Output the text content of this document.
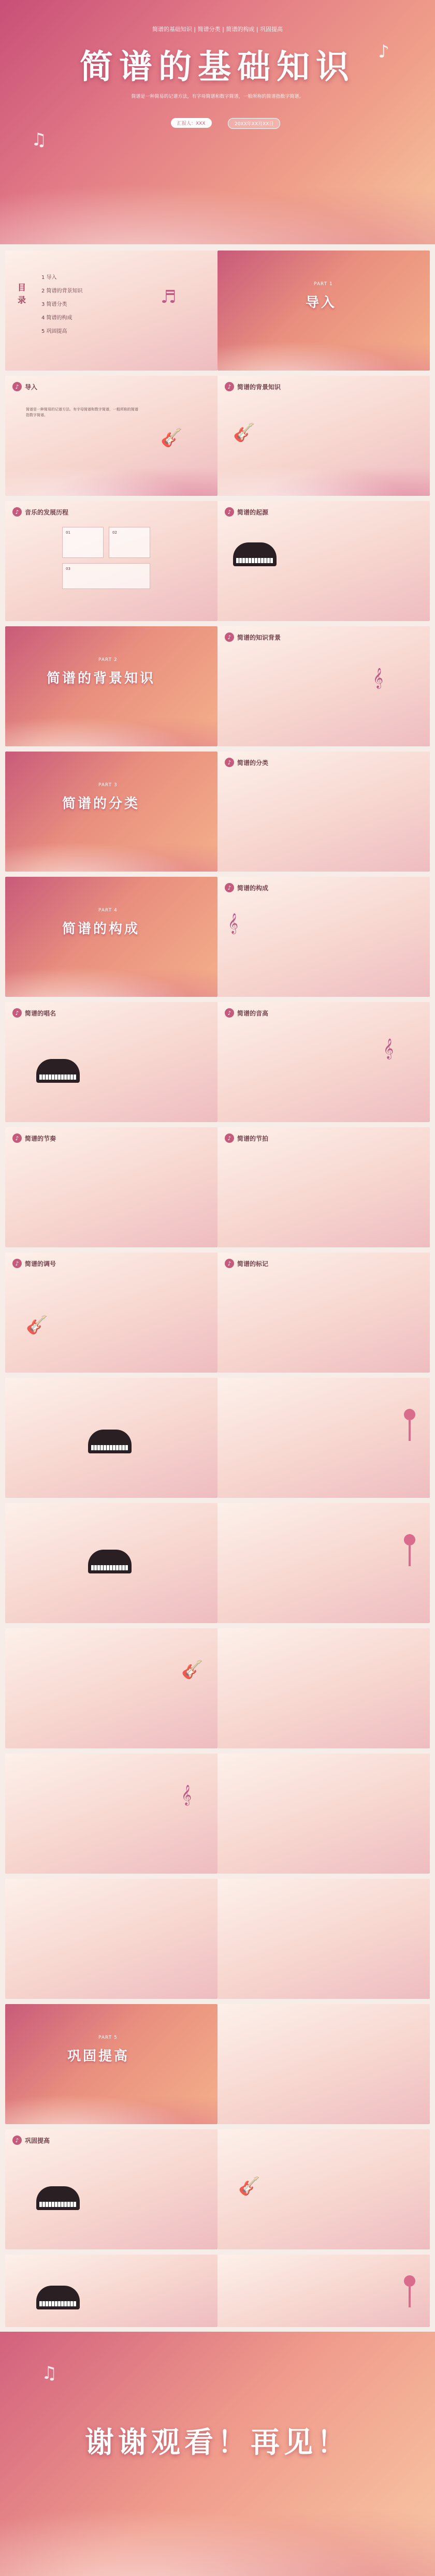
简谱的基础知识 | 简谱分类 | 简谱的构成 | 巩固提高
简谱的基础知识
简谱是一种简易的记谱方法，有字母简谱和数字简谱，一般所称的简谱指数字简谱。
汇报人：XXX	20XX年XX月XX日
♫
♪
目录
1 导入
2 简谱的背景知识
3 简谱分类
4 简谱的构成
5 巩固提高
♬
PART 1
导入
♪ 导入
简谱是一种简易的记谱方法。有字母简谱和数字简谱，一般所称的简谱指数字简谱。
🎸
♪ 简谱的背景知识
🎸
♪ 音乐的发展历程
01	02
03
♪ 简谱的起源
PART 2
简谱的背景知识
♪ 简谱的知识背景
𝄞
PART 3
简谱的分类
♪ 简谱的分类
PART 4
简谱的构成
♪ 简谱的构成
𝄞
♪ 简谱的唱名	♪ 简谱的音高
𝄞
♪ 简谱的节奏	♪ 简谱的节拍
♪ 简谱的调号
🎸
♪ 简谱的标记
🎸
𝄞
PART 5
巩固提高
♪ 巩固提高
🎸
谢谢观看！再见！
♫
